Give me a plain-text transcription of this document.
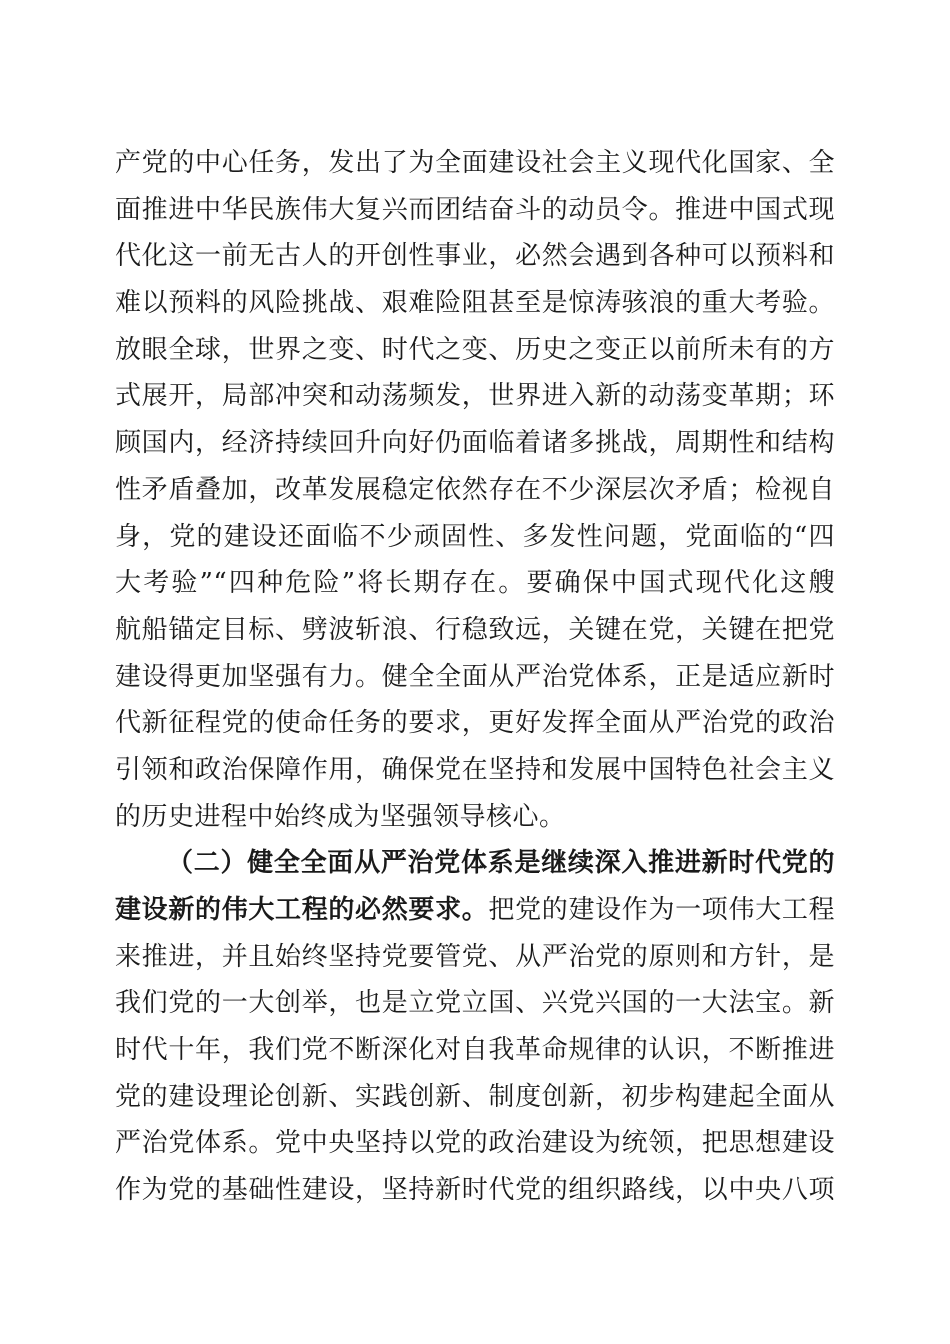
产党的中心任务，发出了为全面建设社会主义现代化国家、全
面推进中华民族伟大复兴而团结奋斗的动员令。推进中国式现
代化这一前无古人的开创性事业，必然会遇到各种可以预料和
难以预料的风险挑战、艰难险阻甚至是惊涛骇浪的重大考验。
放眼全球，世界之变、时代之变、历史之变正以前所未有的方
式展开，局部冲突和动荡频发，世界进入新的动荡变革期；环
顾国内，经济持续回升向好仍面临着诸多挑战，周期性和结构
性矛盾叠加，改革发展稳定依然存在不少深层次矛盾；检视自
身，党的建设还面临不少顽固性、多发性问题，党面临的“四
大考验”“四种危险”将长期存在。要确保中国式现代化这艘
航船锚定目标、劈波斩浪、行稳致远，关键在党，关键在把党
建设得更加坚强有力。健全全面从严治党体系，正是适应新时
代新征程党的使命任务的要求，更好发挥全面从严治党的政治
引领和政治保障作用，确保党在坚持和发展中国特色社会主义
的历史进程中始终成为坚强领导核心。
（二）健全全面从严治党体系是继续深入推进新时代党的
建设新的伟大工程的必然要求。把党的建设作为一项伟大工程
来推进，并且始终坚持党要管党、从严治党的原则和方针，是
我们党的一大创举，也是立党立国、兴党兴国的一大法宝。新
时代十年，我们党不断深化对自我革命规律的认识，不断推进
党的建设理论创新、实践创新、制度创新，初步构建起全面从
严治党体系。党中央坚持以党的政治建设为统领，把思想建设
作为党的基础性建设，坚持新时代党的组织路线，以中央八项
